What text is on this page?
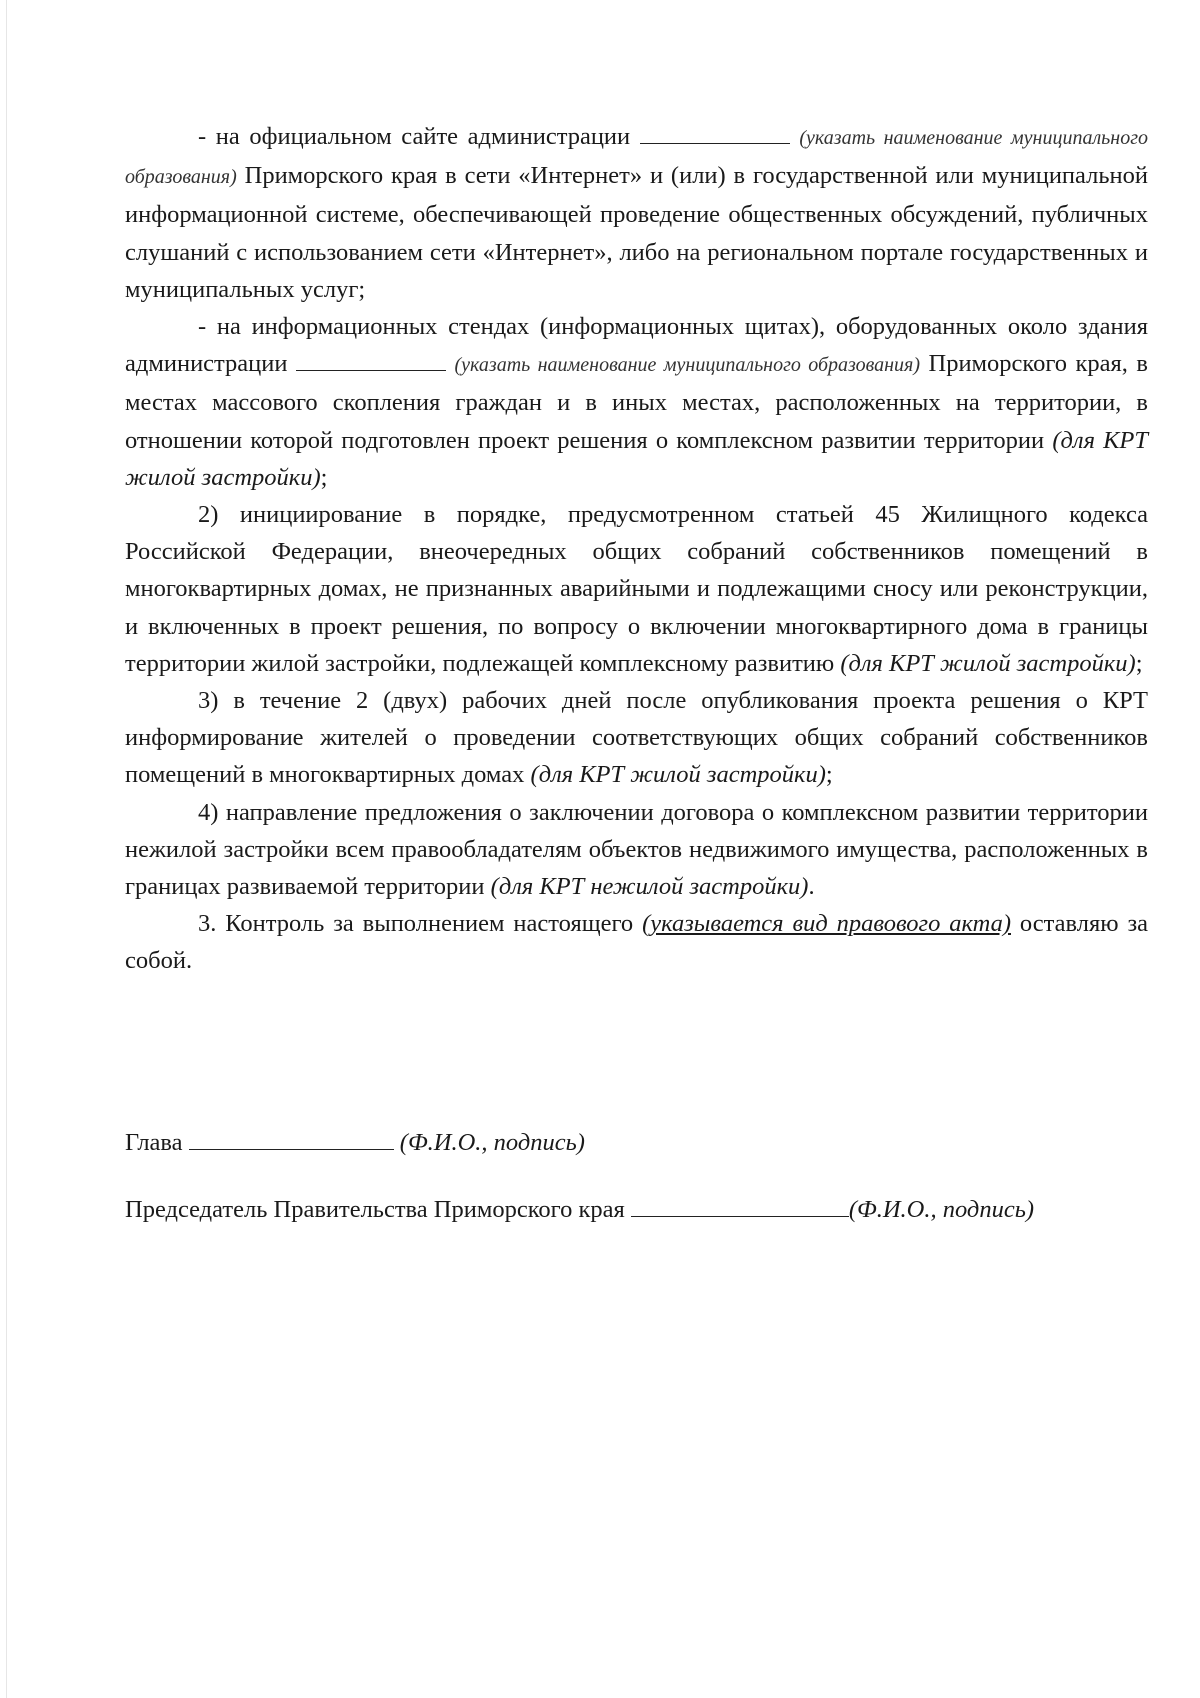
- на официальном сайте администрации	(указать наименование муниципального образования) Приморского края в сети «Интернет» и (или) в государственной или муниципальной информационной системе, обеспечивающей проведение общественных обсуждений, публичных слушаний с использованием сети «Интернет», либо на региональном портале государственных и муниципальных услуг;

- на информационных стендах (информационных щитах), оборудованных около здания администрации	(указать наименование муниципального образования) Приморского края, в местах массового скопления граждан и в иных местах, расположенных на территории, в отношении которой подготовлен проект решения о комплексном развитии территории (для КРТ жилой застройки);

2) инициирование в порядке, предусмотренном статьей 45 Жилищного кодекса Российской Федерации, внеочередных общих собраний собственников помещений в многоквартирных домах, не признанных аварийными и подлежащими сносу или реконструкции, и включенных в проект решения, по вопросу о включении многоквартирного дома в границы территории жилой застройки, подлежащей комплексному развитию (для КРТ жилой застройки);

3) в течение 2 (двух) рабочих дней после опубликования проекта решения о КРТ информирование жителей о проведении соответствующих общих собраний собственников помещений в многоквартирных домах (для КРТ жилой застройки);

4) направление предложения о заключении договора о комплексном развитии территории нежилой застройки всем правообладателям объектов недвижимого имущества, расположенных в границах развиваемой территории (для КРТ нежилой застройки).

3. Контроль за выполнением настоящего (указывается вид правового акта) оставляю за собой.

Глава	(Ф.И.О., подпись)
Председатель Правительства Приморского края	(Ф.И.О., подпись)
